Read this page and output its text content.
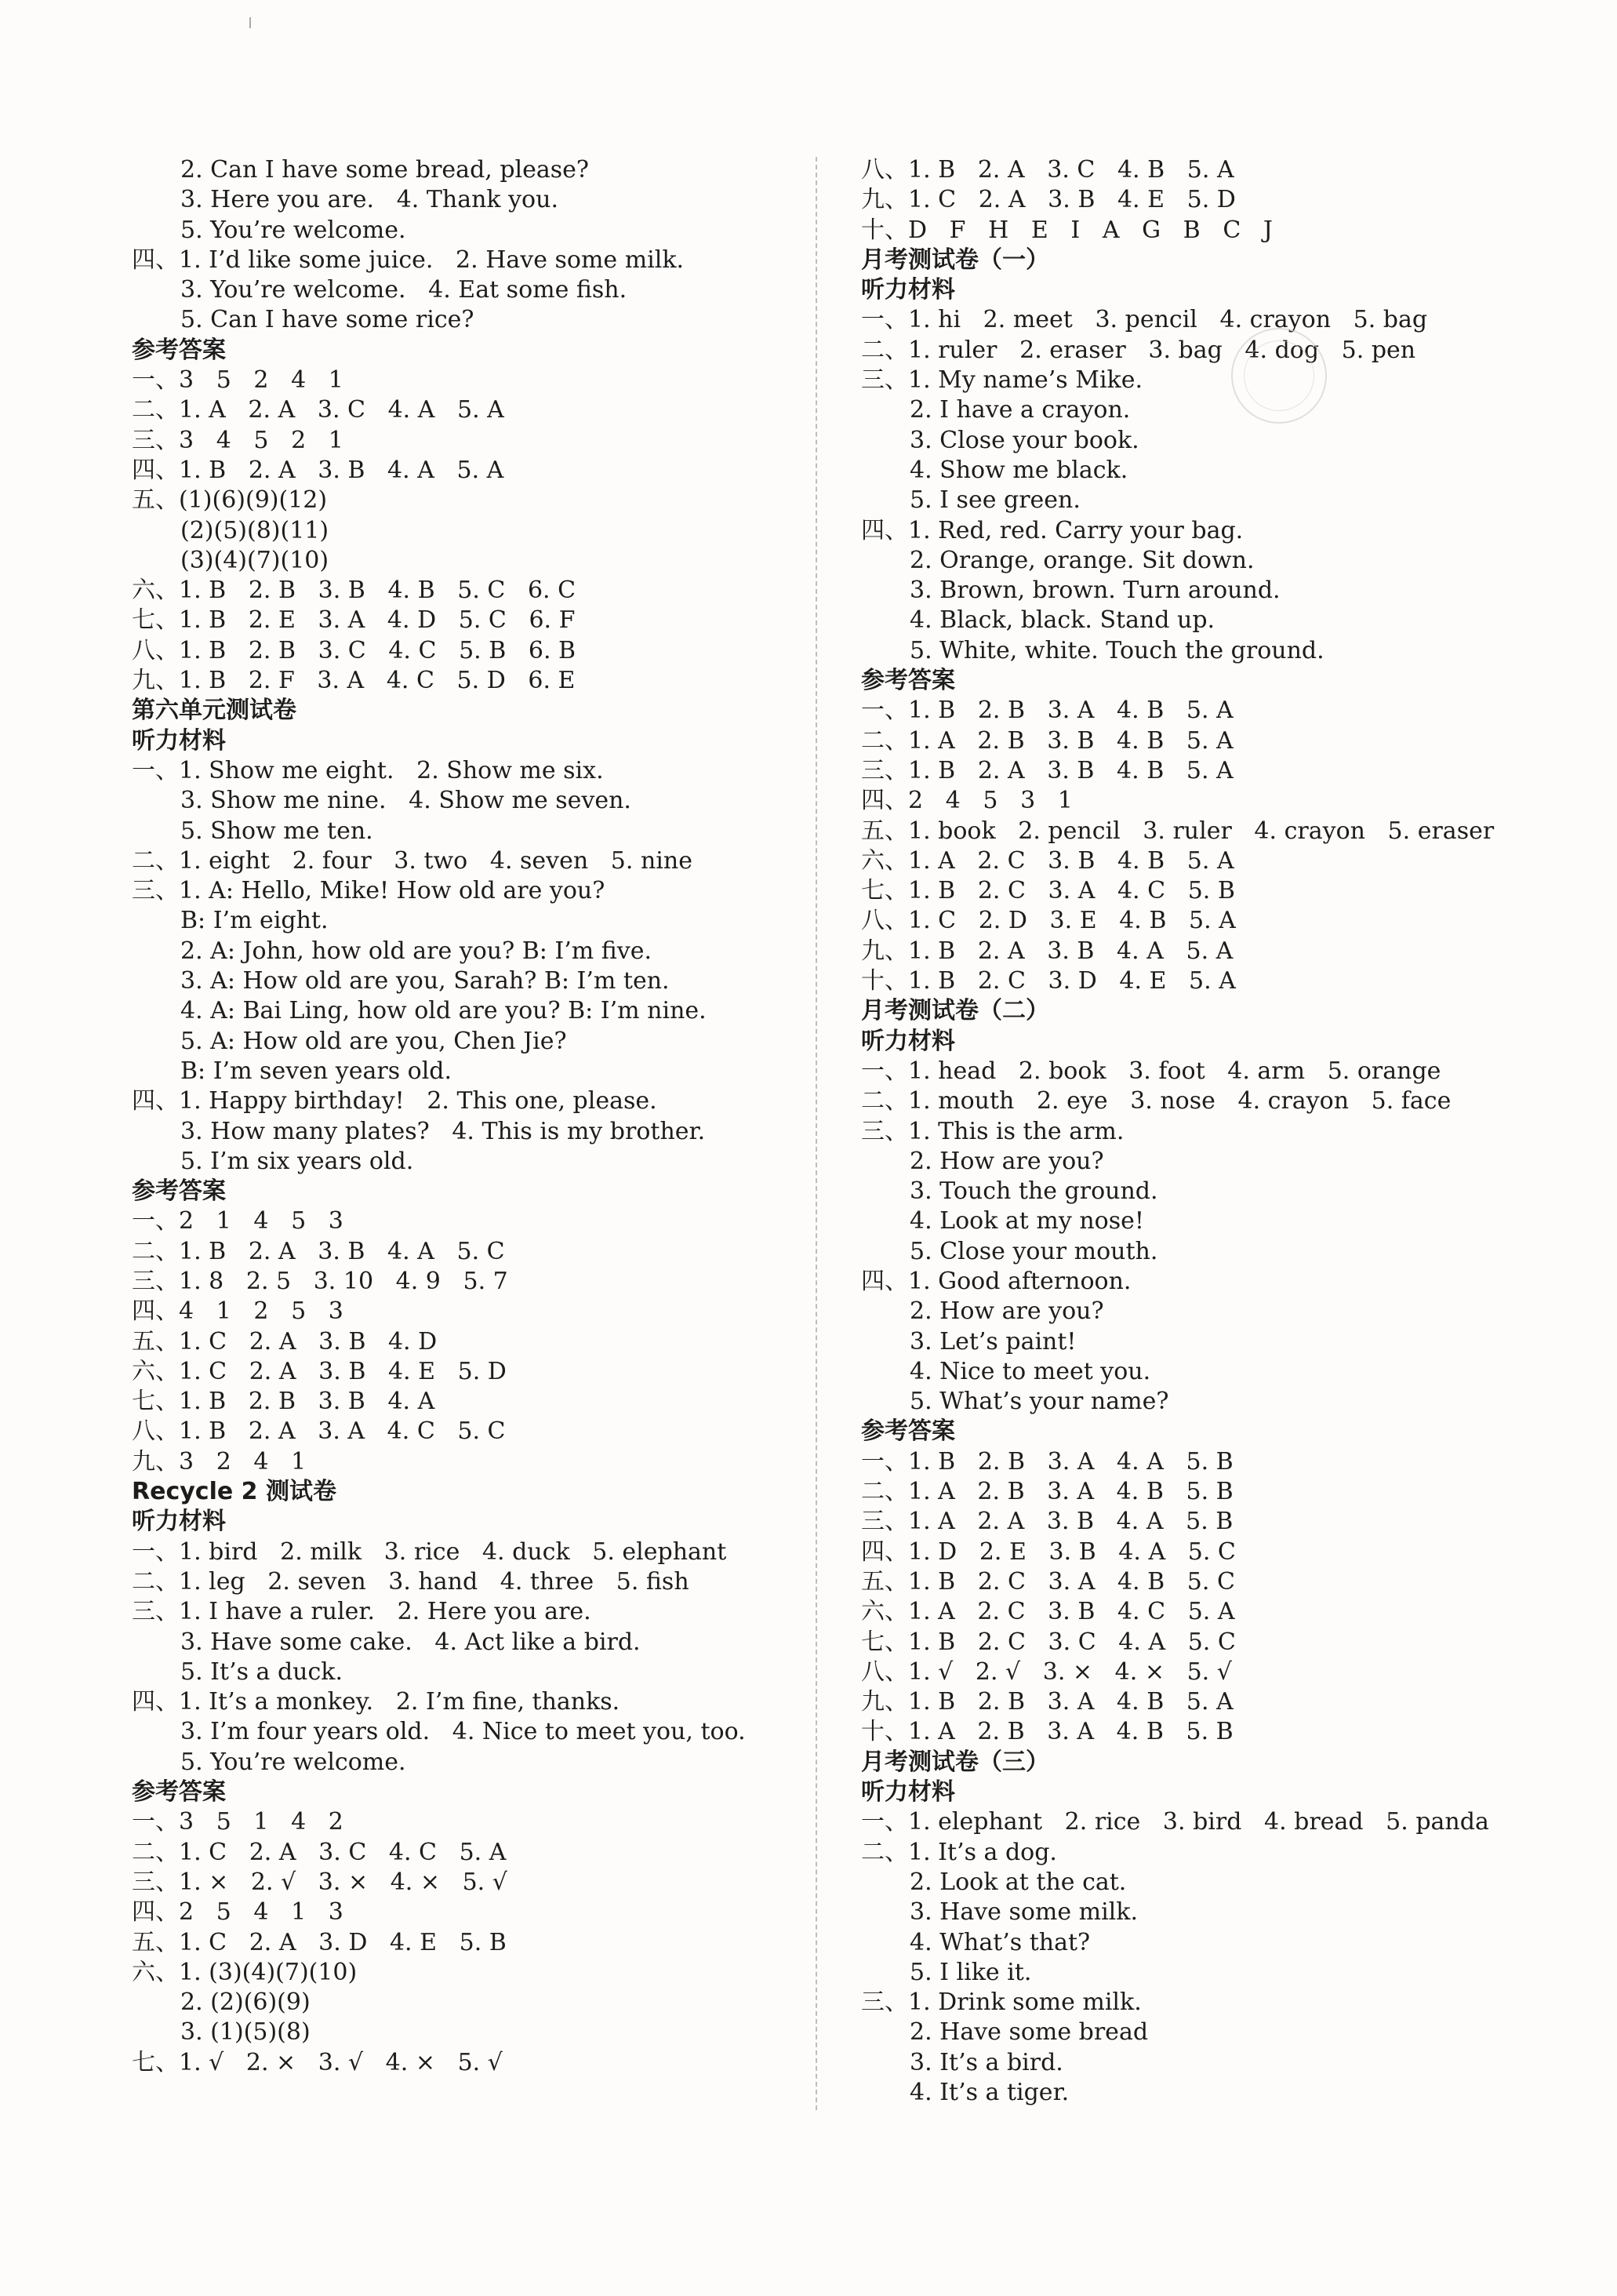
2. Can I have some bread, please?
3. Here you are.   4. Thank you.
5. You’re welcome.
四、1. I’d like some juice.   2. Have some milk.
3. You’re welcome.   4. Eat some fish.
5. Can I have some rice?
参考答案
一、3   5   2   4   1
二、1. A   2. A   3. C   4. A   5. A
三、3   4   5   2   1
四、1. B   2. A   3. B   4. A   5. A
五、(1)(6)(9)(12)
(2)(5)(8)(11)
(3)(4)(7)(10)
六、1. B   2. B   3. B   4. B   5. C   6. C
七、1. B   2. E   3. A   4. D   5. C   6. F
八、1. B   2. B   3. C   4. C   5. B   6. B
九、1. B   2. F   3. A   4. C   5. D   6. E
第六单元测试卷
听力材料
一、1. Show me eight.   2. Show me six.
3. Show me nine.   4. Show me seven.
5. Show me ten.
二、1. eight   2. four   3. two   4. seven   5. nine
三、1. A: Hello, Mike! How old are you?
B: I’m eight.
2. A: John, how old are you? B: I’m five.
3. A: How old are you, Sarah? B: I’m ten.
4. A: Bai Ling, how old are you? B: I’m nine.
5. A: How old are you, Chen Jie?
B: I’m seven years old.
四、1. Happy birthday!   2. This one, please.
3. How many plates?   4. This is my brother.
5. I’m six years old.
参考答案
一、2   1   4   5   3
二、1. B   2. A   3. B   4. A   5. C
三、1. 8   2. 5   3. 10   4. 9   5. 7
四、4   1   2   5   3
五、1. C   2. A   3. B   4. D
六、1. C   2. A   3. B   4. E   5. D
七、1. B   2. B   3. B   4. A
八、1. B   2. A   3. A   4. C   5. C
九、3   2   4   1
Recycle 2 测试卷
听力材料
一、1. bird   2. milk   3. rice   4. duck   5. elephant
二、1. leg   2. seven   3. hand   4. three   5. fish
三、1. I have a ruler.   2. Here you are.
3. Have some cake.   4. Act like a bird.
5. It’s a duck.
四、1. It’s a monkey.   2. I’m fine, thanks.
3. I’m four years old.   4. Nice to meet you, too.
5. You’re welcome.
参考答案
一、3   5   1   4   2
二、1. C   2. A   3. C   4. C   5. A
三、1. ×   2. √   3. ×   4. ×   5. √
四、2   5   4   1   3
五、1. C   2. A   3. D   4. E   5. B
六、1. (3)(4)(7)(10)
2. (2)(6)(9)
3. (1)(5)(8)
七、1. √   2. ×   3. √   4. ×   5. √
八、1. B   2. A   3. C   4. B   5. A
九、1. C   2. A   3. B   4. E   5. D
十、D   F   H   E   I   A   G   B   C   J
月考测试卷（一）
听力材料
一、1. hi   2. meet   3. pencil   4. crayon   5. bag
二、1. ruler   2. eraser   3. bag   4. dog   5. pen
三、1. My name’s Mike.
2. I have a crayon.
3. Close your book.
4. Show me black.
5. I see green.
四、1. Red, red. Carry your bag.
2. Orange, orange. Sit down.
3. Brown, brown. Turn around.
4. Black, black. Stand up.
5. White, white. Touch the ground.
参考答案
一、1. B   2. B   3. A   4. B   5. A
二、1. A   2. B   3. B   4. B   5. A
三、1. B   2. A   3. B   4. B   5. A
四、2   4   5   3   1
五、1. book   2. pencil   3. ruler   4. crayon   5. eraser
六、1. A   2. C   3. B   4. B   5. A
七、1. B   2. C   3. A   4. C   5. B
八、1. C   2. D   3. E   4. B   5. A
九、1. B   2. A   3. B   4. A   5. A
十、1. B   2. C   3. D   4. E   5. A
月考测试卷（二）
听力材料
一、1. head   2. book   3. foot   4. arm   5. orange
二、1. mouth   2. eye   3. nose   4. crayon   5. face
三、1. This is the arm.
2. How are you?
3. Touch the ground.
4. Look at my nose!
5. Close your mouth.
四、1. Good afternoon.
2. How are you?
3. Let’s paint!
4. Nice to meet you.
5. What’s your name?
参考答案
一、1. B   2. B   3. A   4. A   5. B
二、1. A   2. B   3. A   4. B   5. B
三、1. A   2. A   3. B   4. A   5. B
四、1. D   2. E   3. B   4. A   5. C
五、1. B   2. C   3. A   4. B   5. C
六、1. A   2. C   3. B   4. C   5. A
七、1. B   2. C   3. C   4. A   5. C
八、1. √   2. √   3. ×   4. ×   5. √
九、1. B   2. B   3. A   4. B   5. A
十、1. A   2. B   3. A   4. B   5. B
月考测试卷（三）
听力材料
一、1. elephant   2. rice   3. bird   4. bread   5. panda
二、1. It’s a dog.
2. Look at the cat.
3. Have some milk.
4. What’s that?
5. I like it.
三、1. Drink some milk.
2. Have some bread
3. It’s a bird.
4. It’s a tiger.
